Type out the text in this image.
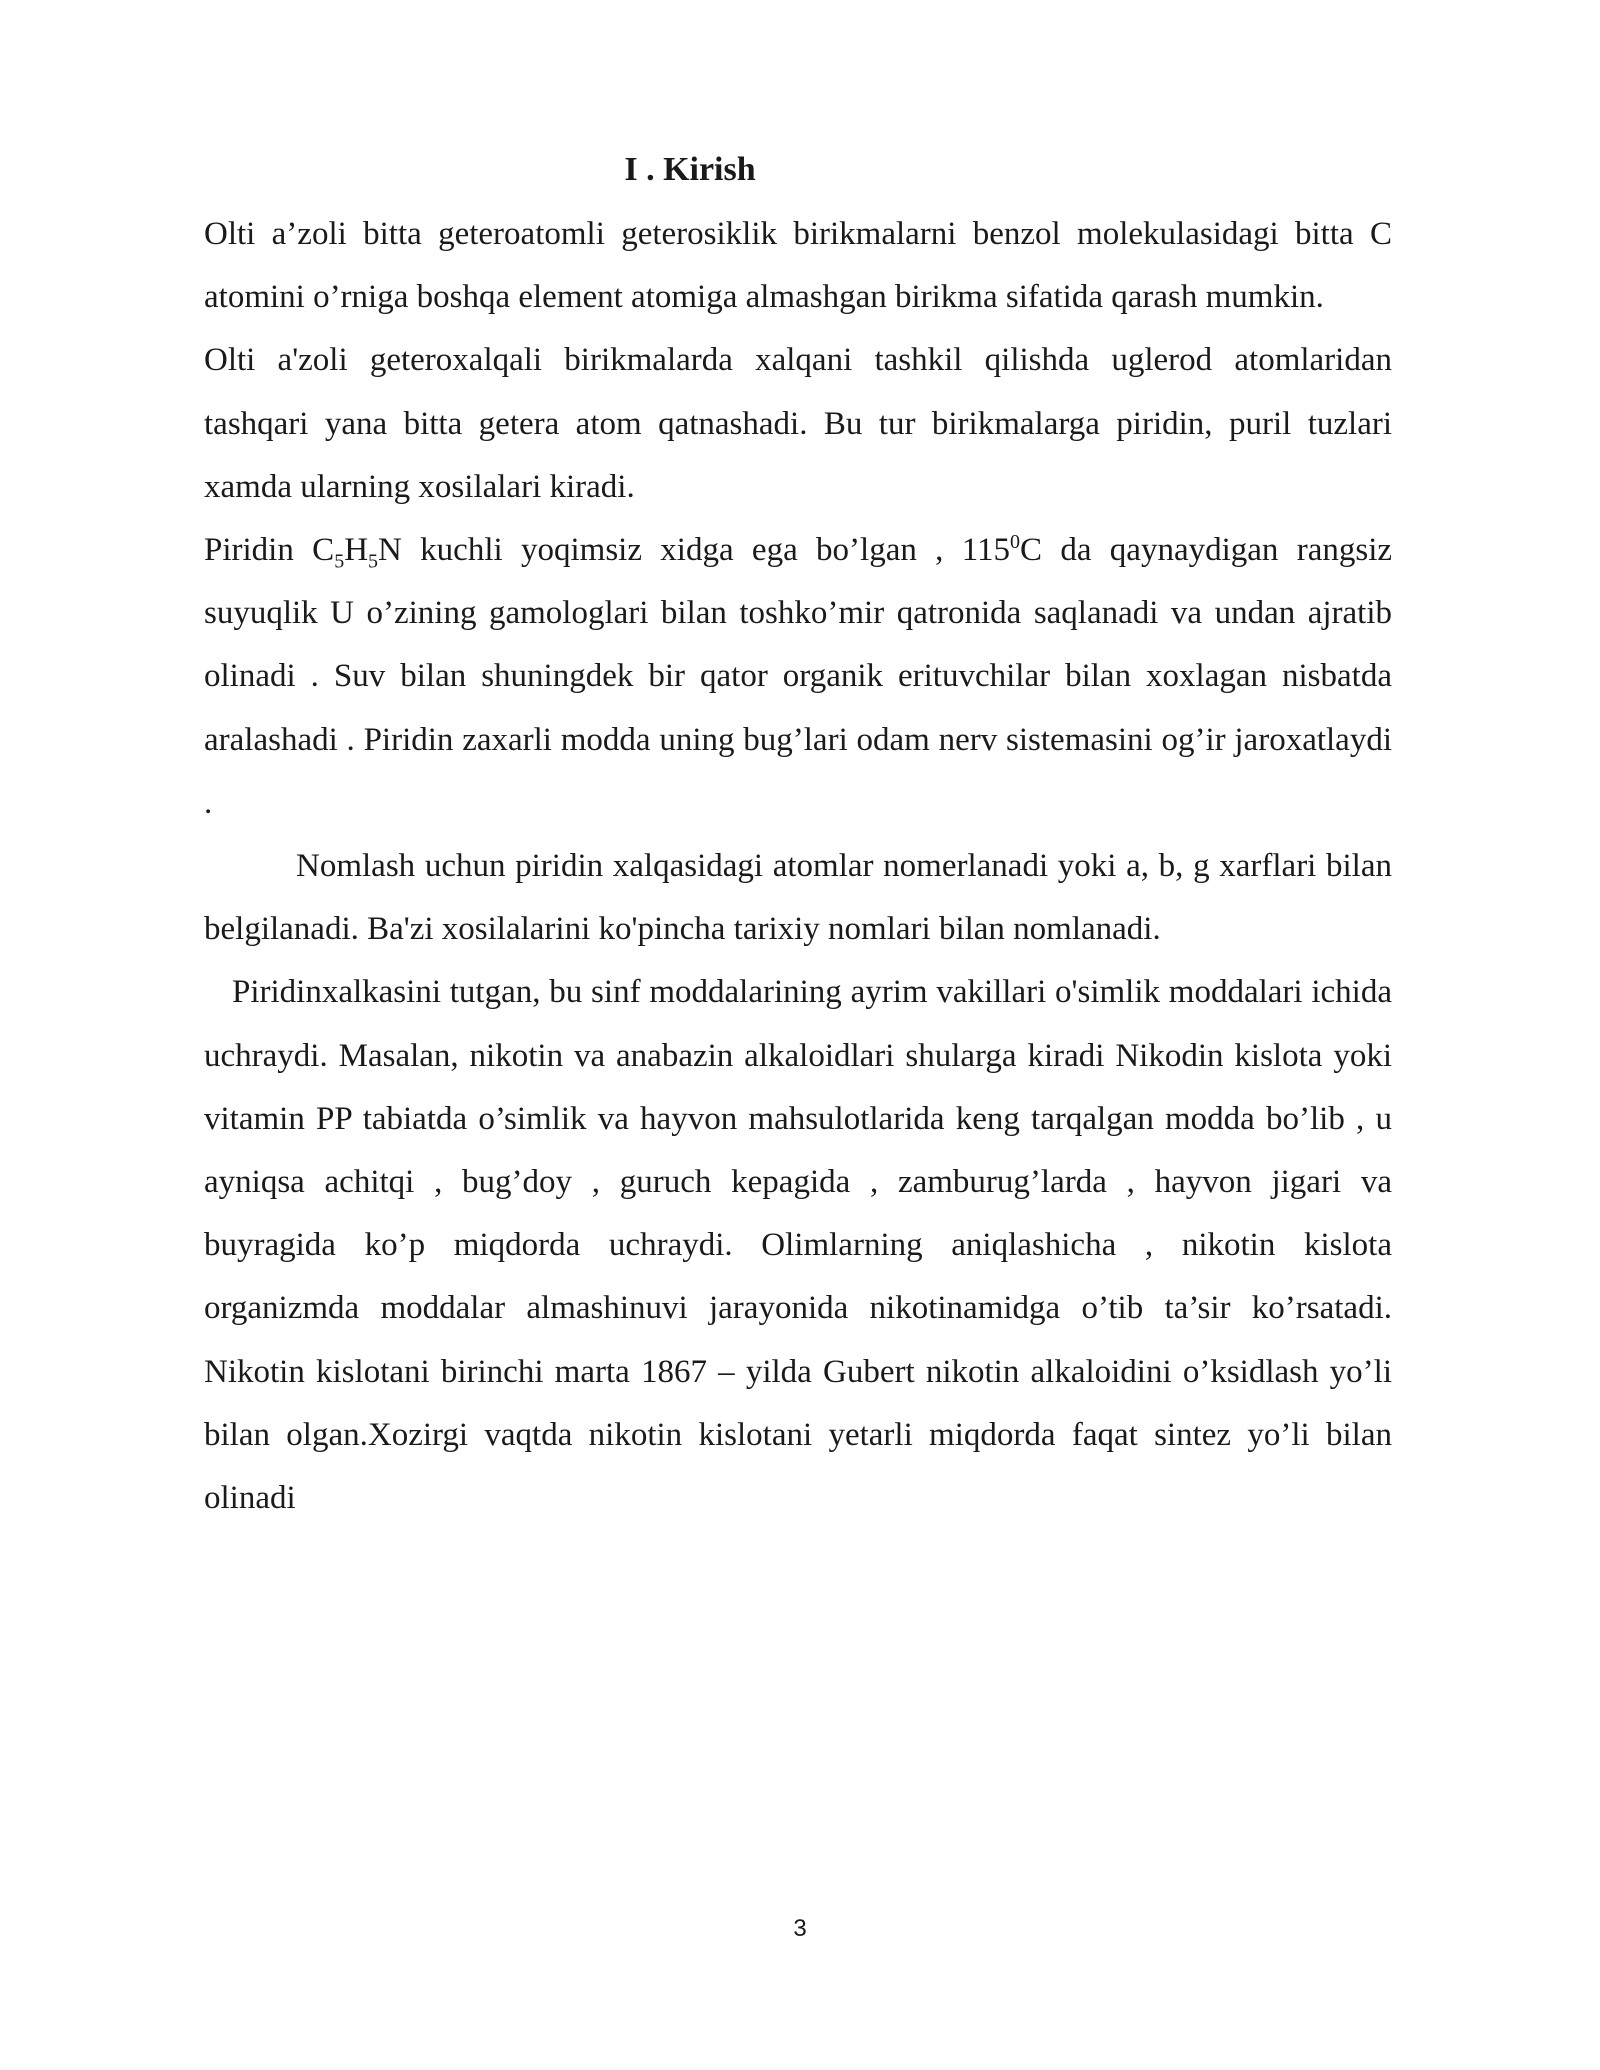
I . Kirish

Olti a’zoli bitta geteroatomli geterosiklik birikmalarni benzol molekulasidagi bitta C atomini o’rniga boshqa element atomiga almashgan birikma sifatida qarash mumkin.

Olti a'zoli geteroxalqali birikmalarda xalqani tashkil qilishda uglerod atomlaridan tashqari yana bitta getera atom qatnashadi. Bu tur birikmalarga piridin, puril tuzlari xamda ularning xosilalari kiradi.

Piridin $C_5H_5N$ kuchli yoqimsiz xidga ega bo’lgan , $115^0C$ da qaynaydigan rangsiz suyuqlik U o’zining gamologlari bilan toshko’mir qatronida saqlanadi va undan ajratib olinadi . Suv bilan shuningdek bir qator organik erituvchilar bilan xoxlagan nisbatda aralashadi . Piridin zaxarli modda uning bug’lari odam nerv sistemasini og’ir jaroxatlaydi .

Nomlash uchun piridin xalqasidagi atomlar nomerlanadi yoki a, b, g xarflari bilan belgilanadi. Ba'zi xosilalarini ko'pincha tarixiy nomlari bilan nomlanadi.

Piridinxalkasini tutgan, bu sinf moddalarining ayrim vakillari o'simlik moddalari ichida uchraydi. Masalan, nikotin va anabazin alkaloidlari shularga kiradi Nikodin kislota yoki vitamin PP tabiatda o’simlik va hayvon mahsulotlarida keng tarqalgan modda bo’lib , u ayniqsa achitqi , bug’doy , guruch kepagida , zamburug’larda , hayvon jigari va buyragida ko’p miqdorda uchraydi. Olimlarning aniqlashicha , nikotin kislota organizmda moddalar almashinuvi jarayonida nikotinamidga o’tib ta’sir ko’rsatadi. Nikotin kislotani birinchi marta 1867 – yilda Gubert nikotin alkaloidini o’ksidlash yo’li bilan olgan.Xozirgi vaqtda nikotin kislotani yetarli miqdorda faqat sintez yo’li bilan olinadi

3
